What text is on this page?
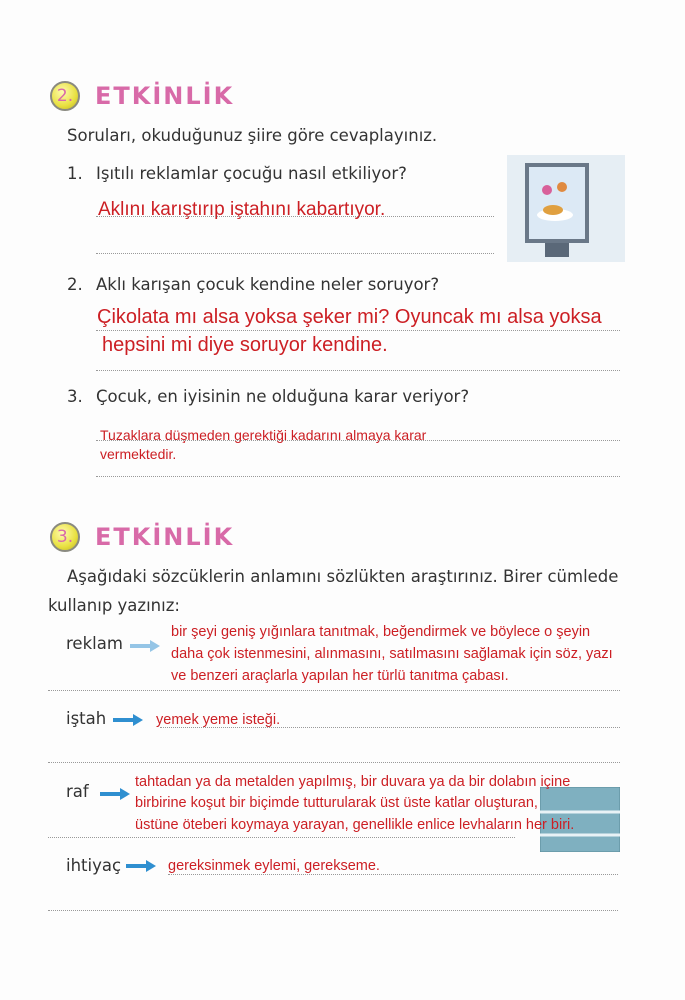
2. ETKİNLİK
Soruları, okuduğunuz şiire göre cevaplayınız.
1. Işıtılı reklamlar çocuğu nasıl etkiliyor?
Aklını karıştırıp iştahını kabartıyor.
2. Aklı karışan çocuk kendine neler soruyor?
Çikolata mı alsa yoksa şeker mi? Oyuncak mı alsa yoksa
hepsini mi diye soruyor kendine.
3. Çocuk, en iyisinin ne olduğuna karar veriyor?
Tuzaklara düşmeden gerektiği kadarını almaya karar
vermektedir.
3. ETKİNLİK
Aşağıdaki sözcüklerin anlamını sözlükten araştırınız. Birer cümlede
kullanıp yazınız:
reklam
bir şeyi geniş yığınlara tanıtmak, beğendirmek ve böylece o şeyin
daha çok istenmesini, alınmasını, satılmasını sağlamak için söz, yazı
ve benzeri araçlarla yapılan her türlü tanıtma çabası.
iştah	yemek yeme isteği.
raf	tahtadan ya da metalden yapılmış, bir duvara ya da bir dolabın içine
birbirine koşut bir biçimde tutturularak üst üste katlar oluşturan,
üstüne öteberi koymaya yarayan, genellikle enlice levhaların her biri.
ihtiyaç	gereksinmek eylemi, gerekseme.
